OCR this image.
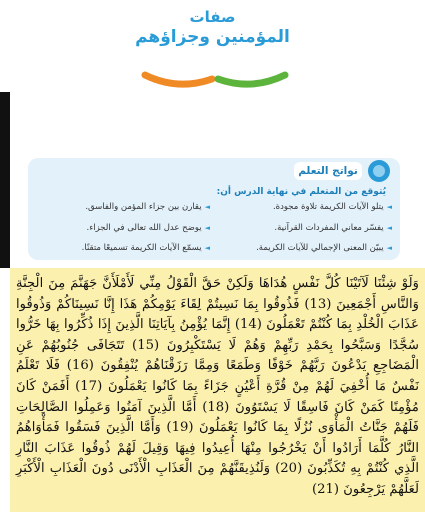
صفات
المؤمنين وجزاؤهم
نواتج التعلم
يُتوقع من المتعلم في نهاية الدرس أن:
◄يتلو الآيات الكريمة تلاوة مجودة.
◄يقارن بين جزاء المؤمن والفاسق.
◄يفسّر معاني المفردات القرآنية.
◄يوضح عدل الله تعالى في الجزاء.
◄يبيّن المعنى الإجمالي للآيات الكريمة.
◄يسمّع الآيات الكريمة تسميعًا متقنًا.
وَلَوْ شِئْنَا لَآتَيْنَا كُلَّ نَفْسٍ هُدَاهَا وَلَكِنْ حَقَّ الْقَوْلُ مِنِّي لَأَمْلَأَنَّ جَهَنَّمَ مِنَ الْجِنَّةِ وَالنَّاسِ أَجْمَعِينَ (13) فَذُوقُوا بِمَا نَسِيتُمْ لِقَاءَ يَوْمِكُمْ هَذَا إِنَّا نَسِينَاكُمْ وَذُوقُوا عَذَابَ الْخُلْدِ بِمَا كُنْتُمْ تَعْمَلُونَ (14) إِنَّمَا يُؤْمِنُ بِآيَاتِنَا الَّذِينَ إِذَا ذُكِّرُوا بِهَا خَرُّوا سُجَّدًا وَسَبَّحُوا بِحَمْدِ رَبِّهِمْ وَهُمْ لَا يَسْتَكْبِرُونَ (15) تَتَجَافَى جُنُوبُهُمْ عَنِ الْمَضَاجِعِ يَدْعُونَ رَبَّهُمْ خَوْفًا وَطَمَعًا وَمِمَّا رَزَقْنَاهُمْ يُنْفِقُونَ (16) فَلَا تَعْلَمُ نَفْسٌ مَا أُخْفِيَ لَهُمْ مِنْ قُرَّةِ أَعْيُنٍ جَزَاءً بِمَا كَانُوا يَعْمَلُونَ (17) أَفَمَنْ كَانَ مُؤْمِنًا كَمَنْ كَانَ فَاسِقًا لَا يَسْتَوُونَ (18) أَمَّا الَّذِينَ آمَنُوا وَعَمِلُوا الصَّالِحَاتِ فَلَهُمْ جَنَّاتُ الْمَأْوَى نُزُلًا بِمَا كَانُوا يَعْمَلُونَ (19) وَأَمَّا الَّذِينَ فَسَقُوا فَمَأْوَاهُمُ النَّارُ كُلَّمَا أَرَادُوا أَنْ يَخْرُجُوا مِنْهَا أُعِيدُوا فِيهَا وَقِيلَ لَهُمْ ذُوقُوا عَذَابَ النَّارِ الَّذِي كُنْتُمْ بِهِ تُكَذِّبُونَ (20) وَلَنُذِيقَنَّهُمْ مِنَ الْعَذَابِ الْأَدْنَى دُونَ الْعَذَابِ الْأَكْبَرِ لَعَلَّهُمْ يَرْجِعُونَ (21)
